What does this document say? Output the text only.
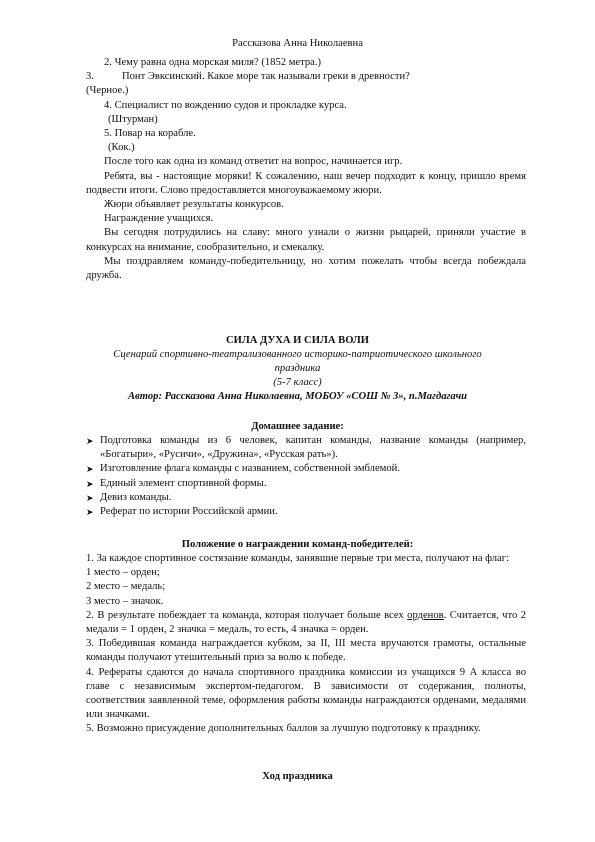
Рассказова Анна Николаевна

2. Чему равна одна морская миля? (1852 метра.)

3.	Понт Эвксинский. Какое море так называли греки в древности?

(Черное.)

4. Специалист по вождению судов и прокладке курса.

(Штурман)

5. Повар на корабле.

(Кок.)

После того как одна из команд ответит на вопрос, начинается игр.

Ребята, вы - настоящие моряки! К сожалению, наш вечер подходит к концу, пришло время подвести итоги. Слово предоставляется многоуважаемому жюри.

Жюри объявляет результаты конкурсов.

Награждение учащихся.

Вы сегодня потрудились на славу: много узнали о жизни рыцарей, приняли участие в конкурсах на внимание, сообразительно, и смекалку.

Мы поздравляем команду-победительницу, но хотим пожелать чтобы всегда побеждала дружба.

СИЛА ДУХА И СИЛА ВОЛИ
Сценарий спортивно-театрализованного историко-патриотического школьного
праздника
(5-7 класс)
Автор: Рассказова Анна Николаевна, МОБОУ «СОШ № 3», п.Магдагачи
Домашнее задание:
➤ Подготовка команды из 6 человек, капитан команды, название команды (например, «Богатыри», «Русичи», «Дружина», «Русская рать»).
➤ Изготовление флага команды с названием, собственной эмблемой.
➤ Единый элемент спортивной формы.
➤ Девиз команды.
➤ Реферат по истории Российской армии.
Положение о награждении команд-победителей:

1. За каждое спортивное состязание команды, занявшие первые три места, получают на флаг:

1 место – орден;

2 место – медаль;

3 место – значок.

2. В результате побеждает та команда, которая получает больше всех орденов. Считается, что 2 медали = 1 орден, 2 значка = медаль, то есть, 4 значка = орден.

3. Победившая команда награждается кубком, за II, III места вручаются грамоты, остальные команды получают утешительный приз за волю к победе.

4. Рефераты сдаются до начала спортивного праздника комиссии из учащихся 9 А класса во главе с независимым экспертом-педагогом. В зависимости от содержания, полноты, соответствия заявленной теме, оформления работы команды награждаются орденами, медалями или значками.

5. Возможно присуждение дополнительных баллов за лучшую подготовку к празднику.

Ход праздника
